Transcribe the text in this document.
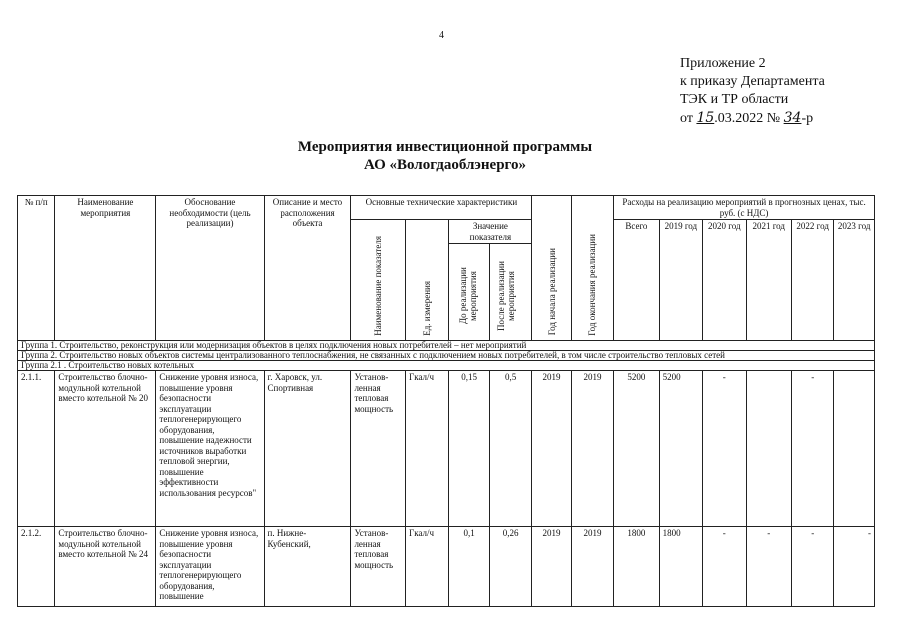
4
Приложение 2
к приказу Департамента
ТЭК и ТР области
от 15.03.2022 № 34-р
Мероприятия инвестиционной программы
АО «Вологдаоблэнерго»
№ п/п	Наименование мероприятия	Обоснование необходимости (цель реализации)	Описание и место расположения объекта	Основные технические характеристики				Год начала реализации	Год окончания реализации	Расходы на реализацию мероприятий в прогнозных ценах, тыс. руб. (с НДС)					
				Наименование показателя	Ед. измерения	Значение показателя				Всего	2019 год	2020 год	2021 год	2022 год	2023 год
						До реализации мероприятия	После реализации мероприятия								
Группа 1. Строительство, реконструкция или модернизация объектов в целях подключения новых потребителей – нет мероприятий															
Группа 2. Строительство новых объектов системы централизованного теплоснабжения, не связанных с подключением новых потребителей, в том числе строительство тепловых сетей															
Группа 2.1 . Строительство новых котельных															
2.1.1.	Строительство блочно-модульной котельной вместо котельной № 20	Снижение уровня износа, повышение уровня безопасности эксплуатации теплогенерирующего оборудования, повышение надежности источников выработки тепловой энергии, повышение эффективности использования ресурсов"	г. Харовск, ул. Спортивная	Установ-ленная тепловая мощность	Гкал/ч	0,15	0,5	2019	2019	5200	5200	-		-	
2.1.2.	Строительство блочно-модульной котельной вместо котельной № 24	Снижение уровня износа, повышение уровня безопасности эксплуатации теплогенерирующего оборудования, повышение	п. Нижне-Кубенский,	Установ-ленная тепловая мощность	Гкал/ч	0,1	0,26	2019	2019	1800	1800	-	-	-	-
